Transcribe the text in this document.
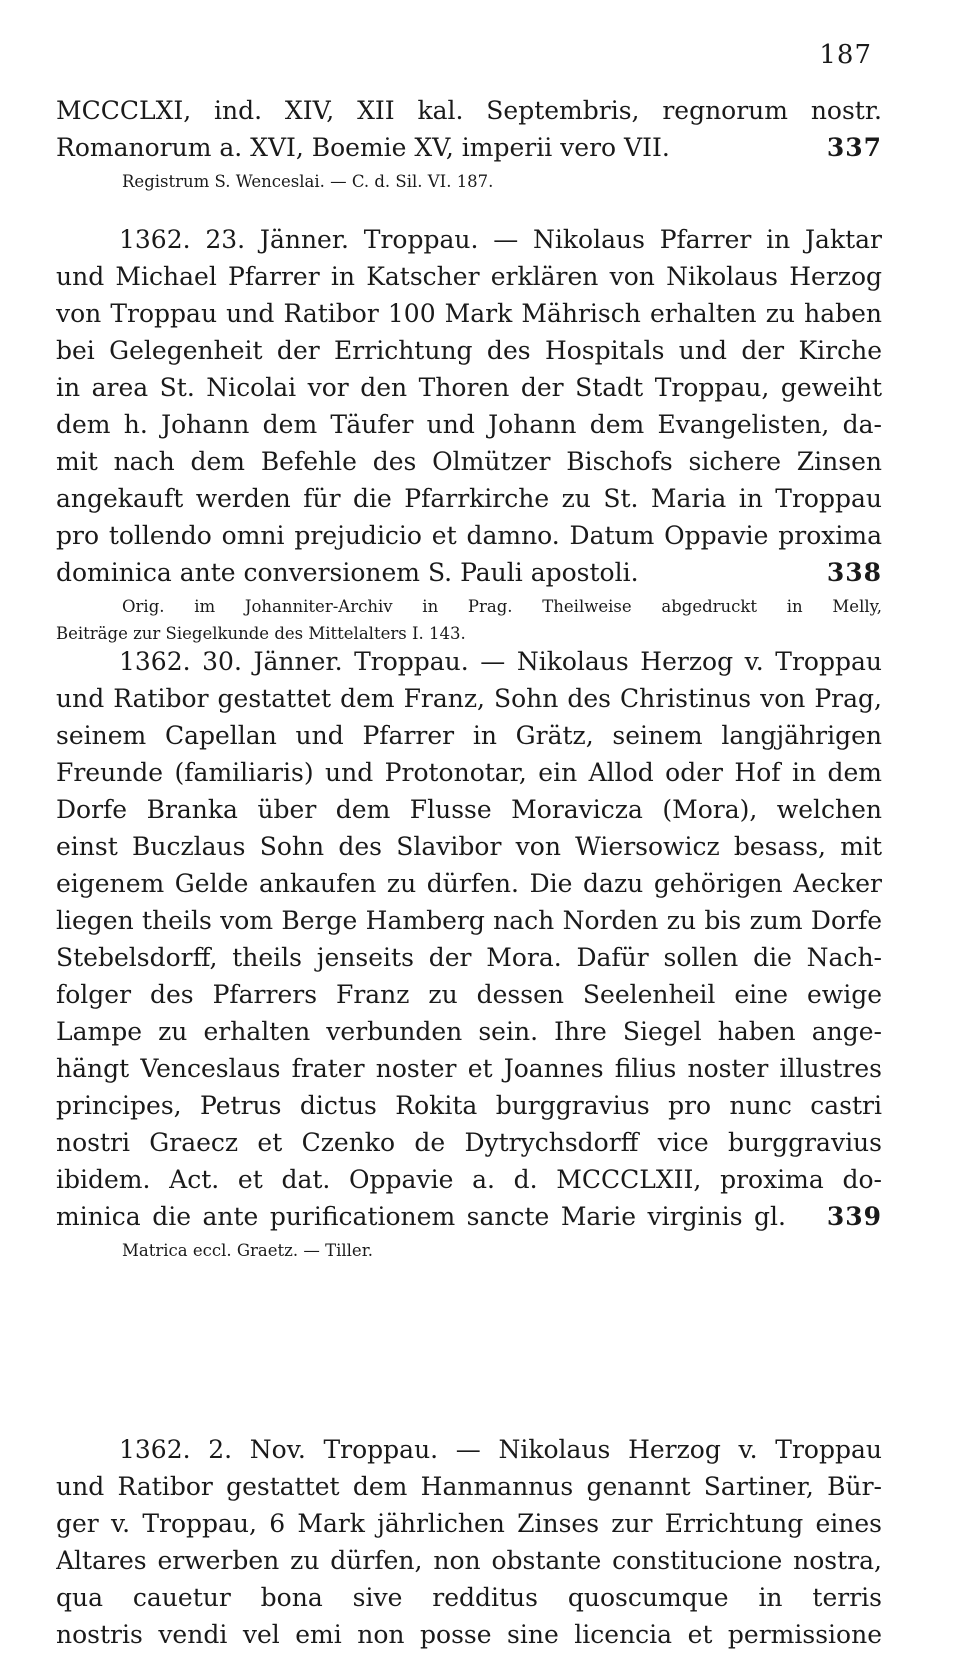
187
MCCCLXI, ind. XIV, XII kal. Septembris, regnorum nostr.
Romanorum a. XVI, Boemie XV, imperii vero VII.	337
Registrum S. Wenceslai. — C. d. Sil. VI. 187.
1362. 23. Jänner. Troppau. — Nikolaus Pfarrer in Jaktar
und Michael Pfarrer in Katscher erklären von Nikolaus Herzog
von Troppau und Ratibor 100 Mark Mährisch erhalten zu haben
bei Gelegenheit der Errichtung des Hospitals und der Kirche
in area St. Nicolai vor den Thoren der Stadt Troppau, geweiht
dem h. Johann dem Täufer und Johann dem Evangelisten, da-
mit nach dem Befehle des Olmützer Bischofs sichere Zinsen
angekauft werden für die Pfarrkirche zu St. Maria in Troppau
pro tollendo omni prejudicio et damno. Datum Oppavie proxima
dominica ante conversionem S. Pauli apostoli.	338
Orig. im Johanniter-Archiv in Prag. Theilweise abgedruckt in Melly,
Beiträge zur Siegelkunde des Mittelalters I. 143.
1362. 30. Jänner. Troppau. — Nikolaus Herzog v. Troppau
und Ratibor gestattet dem Franz, Sohn des Christinus von Prag,
seinem Capellan und Pfarrer in Grätz, seinem langjährigen
Freunde (familiaris) und Protonotar, ein Allod oder Hof in dem
Dorfe Branka über dem Flusse Moravicza (Mora), welchen
einst Buczlaus Sohn des Slavibor von Wiersowicz besass, mit
eigenem Gelde ankaufen zu dürfen. Die dazu gehörigen Aecker
liegen theils vom Berge Hamberg nach Norden zu bis zum Dorfe
Stebelsdorff, theils jenseits der Mora. Dafür sollen die Nach-
folger des Pfarrers Franz zu dessen Seelenheil eine ewige
Lampe zu erhalten verbunden sein. Ihre Siegel haben ange-
hängt Venceslaus frater noster et Joannes filius noster illustres
principes, Petrus dictus Rokita burggravius pro nunc castri
nostri Graecz et Czenko de Dytrychsdorff vice burggravius
ibidem. Act. et dat. Oppavie a. d. MCCCLXII, proxima do-
minica die ante purificationem sancte Marie virginis gl.	339
Matrica eccl. Graetz. — Tiller.
1362. 2. Nov. Troppau. — Nikolaus Herzog v. Troppau
und Ratibor gestattet dem Hanmannus genannt Sartiner, Bür-
ger v. Troppau, 6 Mark jährlichen Zinses zur Errichtung eines
Altares erwerben zu dürfen, non obstante constitucione nostra,
qua cauetur bona sive redditus quoscumque in terris
nostris vendi vel emi non posse sine licencia et permissione
